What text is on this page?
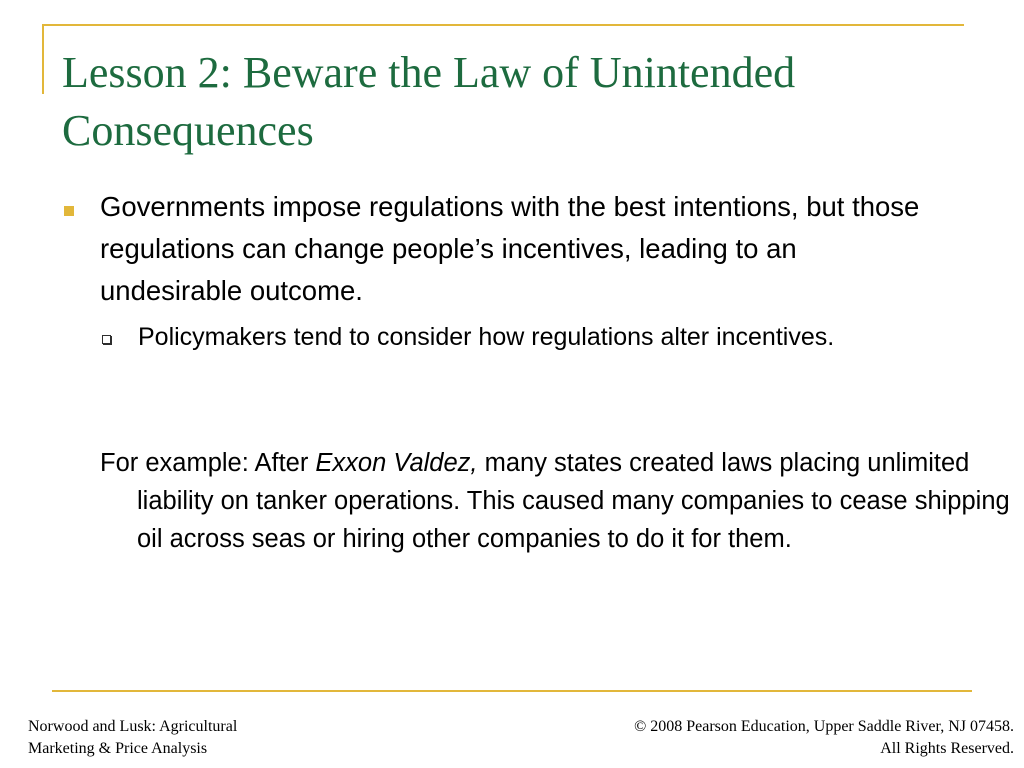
Lesson 2: Beware the Law of Unintended Consequences
Governments impose regulations with the best intentions, but those regulations can change people’s incentives, leading to an undesirable outcome.
Policymakers tend to consider how regulations alter incentives.
For example: After Exxon Valdez, many states created laws placing unlimited liability on tanker operations. This caused many companies to cease shipping oil across seas or hiring other companies to do it for them.
Norwood and Lusk: Agricultural
Marketing & Price Analysis
© 2008 Pearson Education, Upper Saddle River, NJ 07458.
All Rights Reserved.
